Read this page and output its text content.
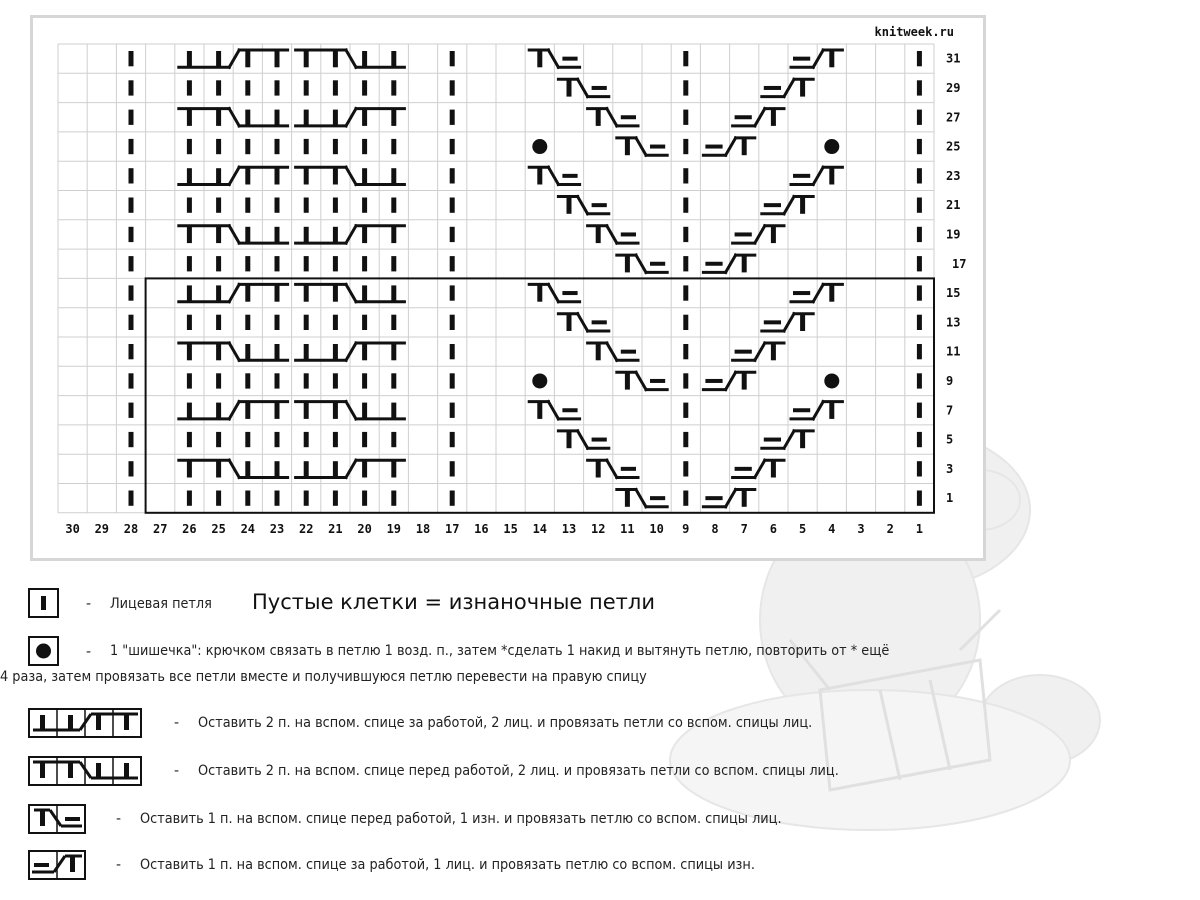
30 29 28 27 26 25 24 23 22 21 20 19 18 17 16 15 14 13 12 11 10 9 8 7 6 5 4 3 2 1
31
29
27
25
23
21
19
17
15
13
11
9
7
5
3
1
knitweek.ru
- Лицевая петля Пустые клетки = изнаночные петли
- 1 "шишечка": крючком связать в петлю 1 возд. п., затем *сделать 1 накид и вытянуть петлю, повторить от * ещё
4 раза, затем провязать все петли вместе и получившуюся петлю перевести на правую спицу
- Оставить 2 п. на вспом. спице за работой, 2 лиц. и провязать петли со вспом. спицы лиц.
- Оставить 2 п. на вспом. спице перед работой, 2 лиц. и провязать петли со вспом. спицы лиц.
- Оставить 1 п. на вспом. спице перед работой, 1 изн. и провязать петлю со вспом. спицы лиц.
- Оставить 1 п. на вспом. спице за работой, 1 лиц. и провязать петлю со вспом. спицы изн.
